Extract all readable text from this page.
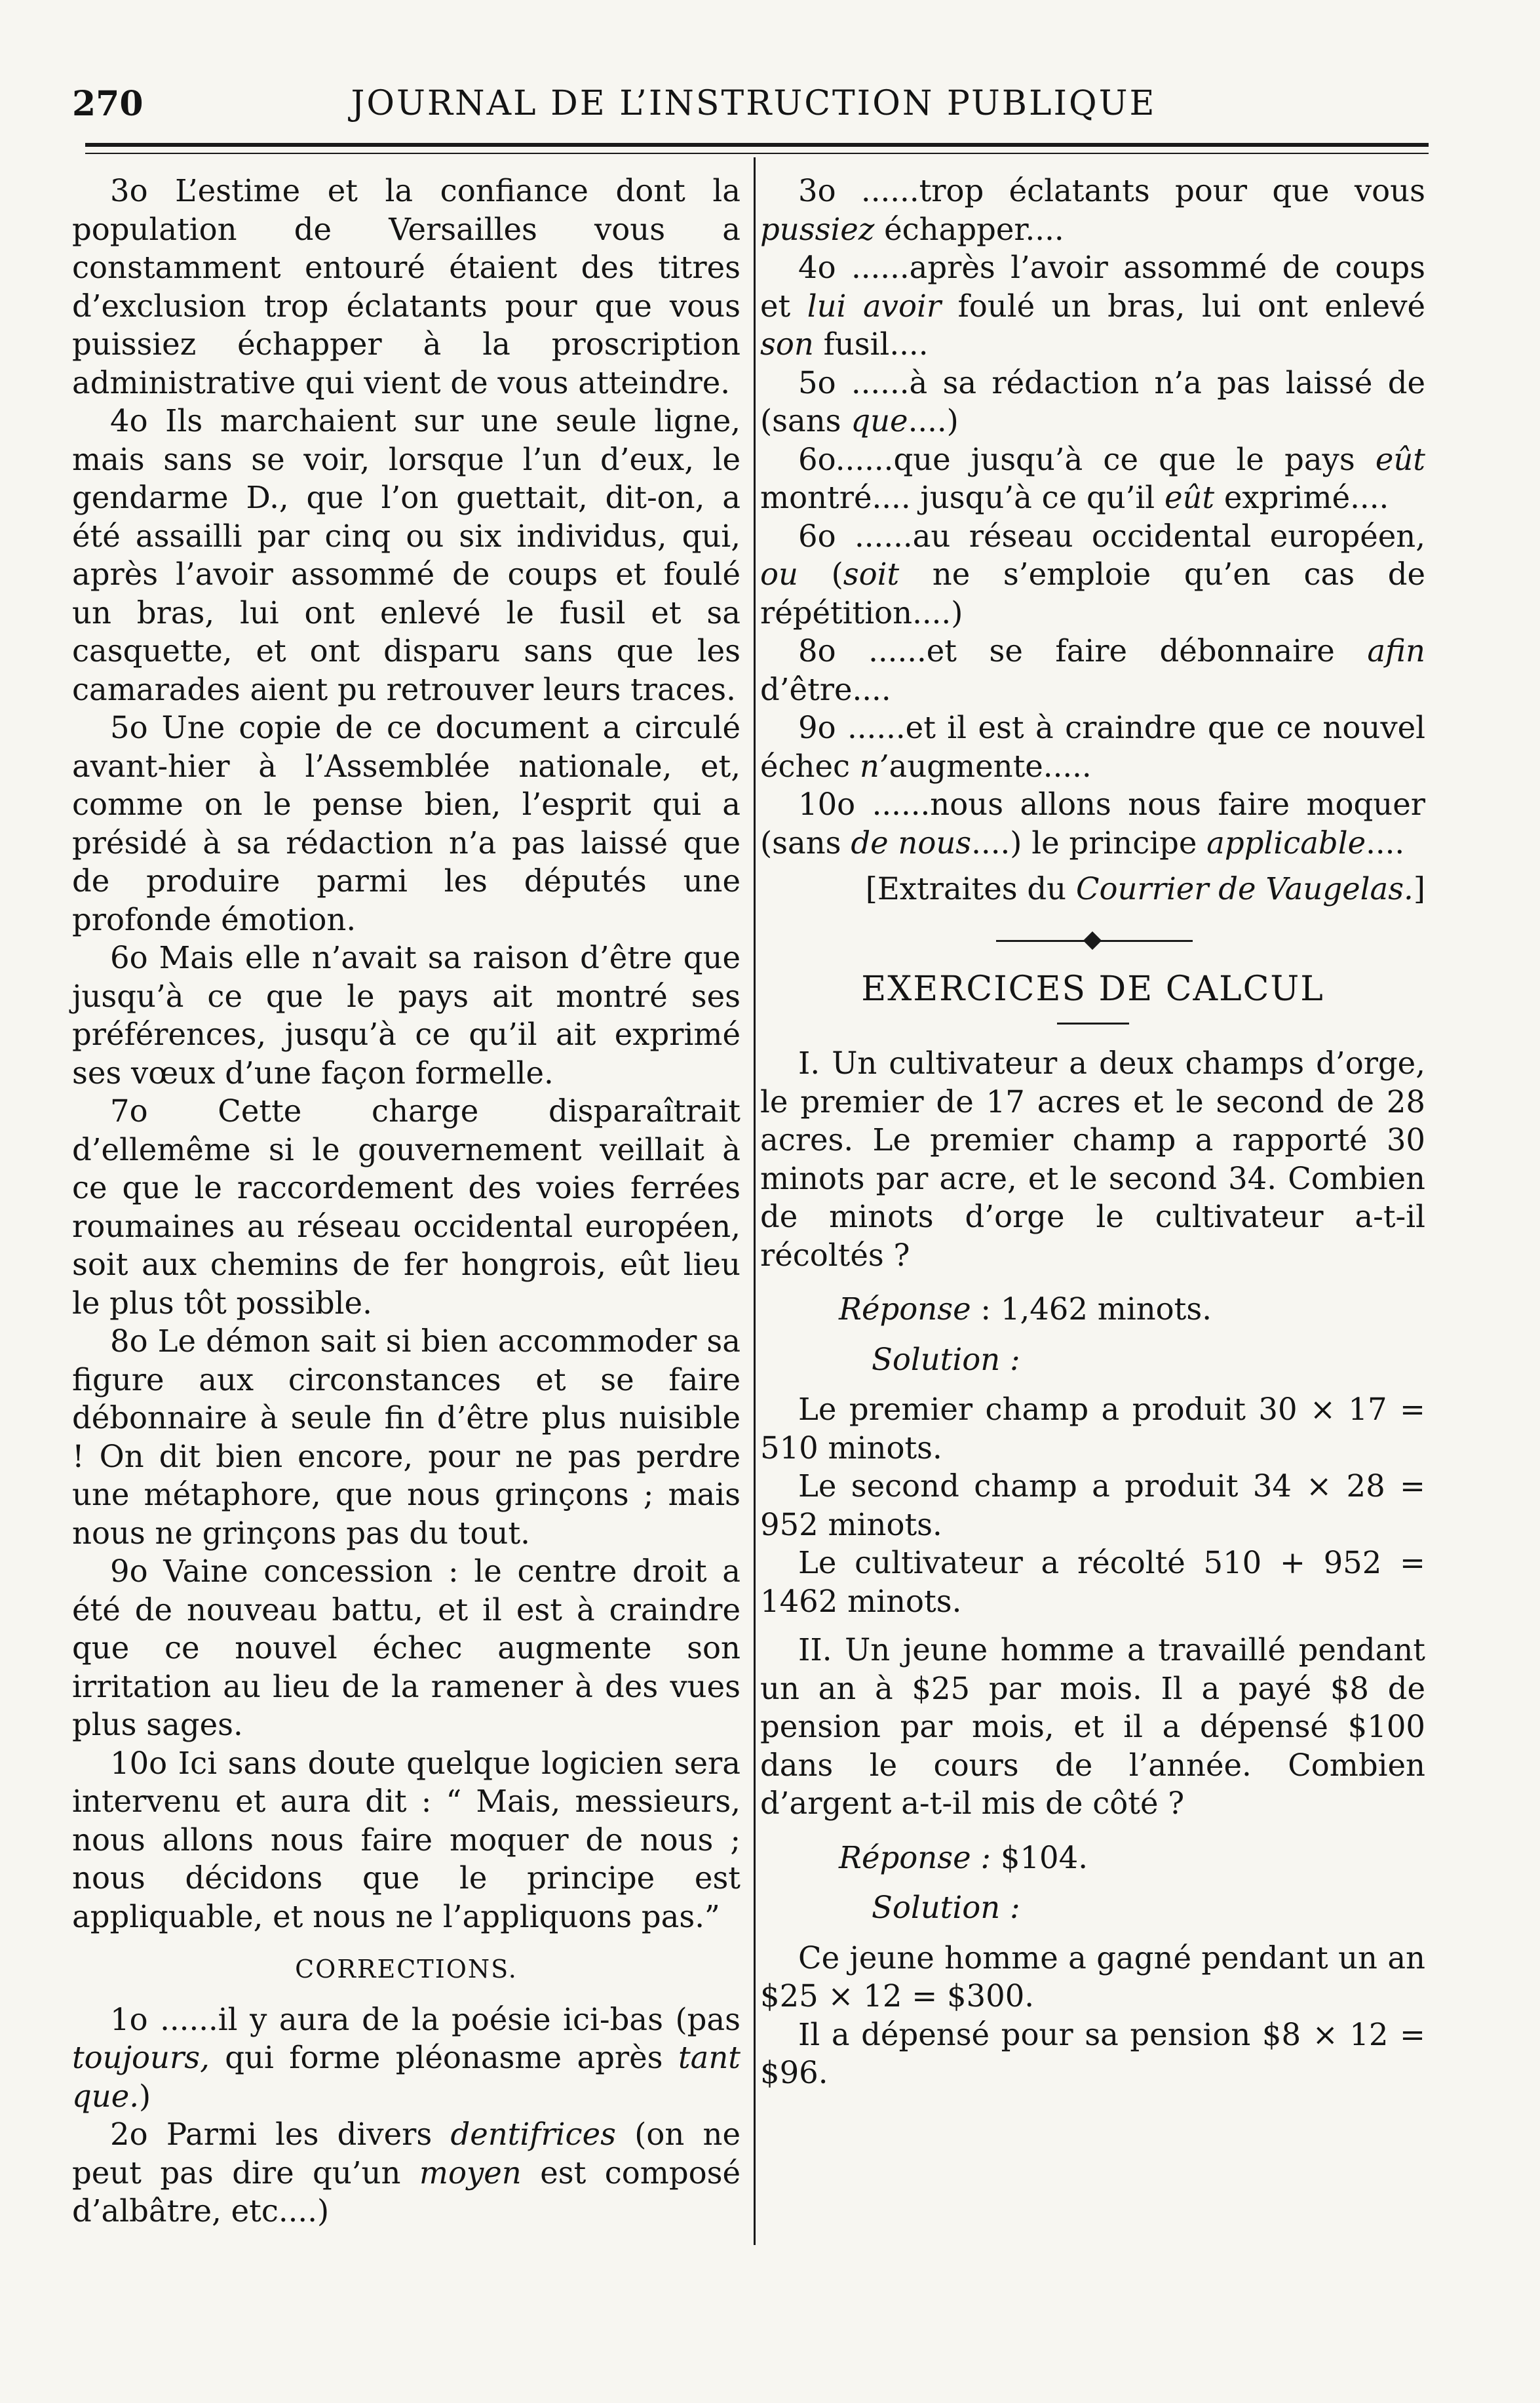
270	JOURNAL DE L’INSTRUCTION PUBLIQUE

3o L’estime et la confiance dont la population de Versailles vous a constamment entouré étaient des titres d’exclusion trop éclatants pour que vous puissiez échapper à la proscription administrative qui vient de vous atteindre.

4o Ils marchaient sur une seule ligne, mais sans se voir, lorsque l’un d’eux, le gendarme D., que l’on guettait, dit-on, a été assailli par cinq ou six individus, qui, après l’avoir assommé de coups et foulé un bras, lui ont enlevé le fusil et sa casquette, et ont disparu sans que les camarades aient pu retrouver leurs traces.

5o Une copie de ce document a circulé avant-hier à l’Assemblée nationale, et, comme on le pense bien, l’esprit qui a présidé à sa rédaction n’a pas laissé que de produire parmi les députés une profonde émotion.

6o Mais elle n’avait sa raison d’être que jusqu’à ce que le pays ait montré ses préférences, jusqu’à ce qu’il ait exprimé ses vœux d’une façon formelle.

7o Cette charge disparaîtrait d’ellemême si le gouvernement veillait à ce que le raccordement des voies ferrées roumaines au réseau occidental européen, soit aux chemins de fer hongrois, eût lieu le plus tôt possible.

8o Le démon sait si bien accommoder sa figure aux circonstances et se faire débonnaire à seule fin d’être plus nuisible ! On dit bien encore, pour ne pas perdre une métaphore, que nous grinçons ; mais nous ne grinçons pas du tout.

9o Vaine concession : le centre droit a été de nouveau battu, et il est à craindre que ce nouvel échec augmente son irritation au lieu de la ramener à des vues plus sages.

10o Ici sans doute quelque logicien sera intervenu et aura dit : “ Mais, messieurs, nous allons nous faire moquer de nous ; nous décidons que le principe est appliquable, et nous ne l’appliquons pas.”

CORRECTIONS.

1o ......il y aura de la poésie ici-bas (pas toujours, qui forme pléonasme après tant que.)

2o Parmi les divers dentifrices (on ne peut pas dire qu’un moyen est composé d’albâtre, etc....)

3o ......trop éclatants pour que vous pussiez échapper....

4o ......après l’avoir assommé de coups et lui avoir foulé un bras, lui ont enlevé son fusil....

5o ......à sa rédaction n’a pas laissé de (sans que....)

6o......que jusqu’à ce que le pays eût montré.... jusqu’à ce qu’il eût exprimé....

6o ......au réseau occidental européen, ou (soit ne s’emploie qu’en cas de répétition....)

8o ......et se faire débonnaire afin d’être....

9o ......et il est à craindre que ce nouvel échec n’augmente.....

10o ......nous allons nous faire moquer (sans de nous....) le principe applicable....

[Extraites du Courrier de Vaugelas.]

EXERCICES DE CALCUL

I. Un cultivateur a deux champs d’orge, le premier de 17 acres et le second de 28 acres. Le premier champ a rapporté 30 minots par acre, et le second 34. Combien de minots d’orge le cultivateur a-t-il récoltés ?

Réponse : 1,462 minots.

Solution :

Le premier champ a produit 30 × 17 = 510 minots.

Le second champ a produit 34 × 28 = 952 minots.

Le cultivateur a récolté 510 + 952 = 1462 minots.

II. Un jeune homme a travaillé pendant un an à $25 par mois. Il a payé $8 de pension par mois, et il a dépensé $100 dans le cours de l’année. Combien d’argent a-t-il mis de côté ?

Réponse : $104.

Solution :

Ce jeune homme a gagné pendant un an $25 × 12 = $300.

Il a dépensé pour sa pension $8 × 12 = $96.
